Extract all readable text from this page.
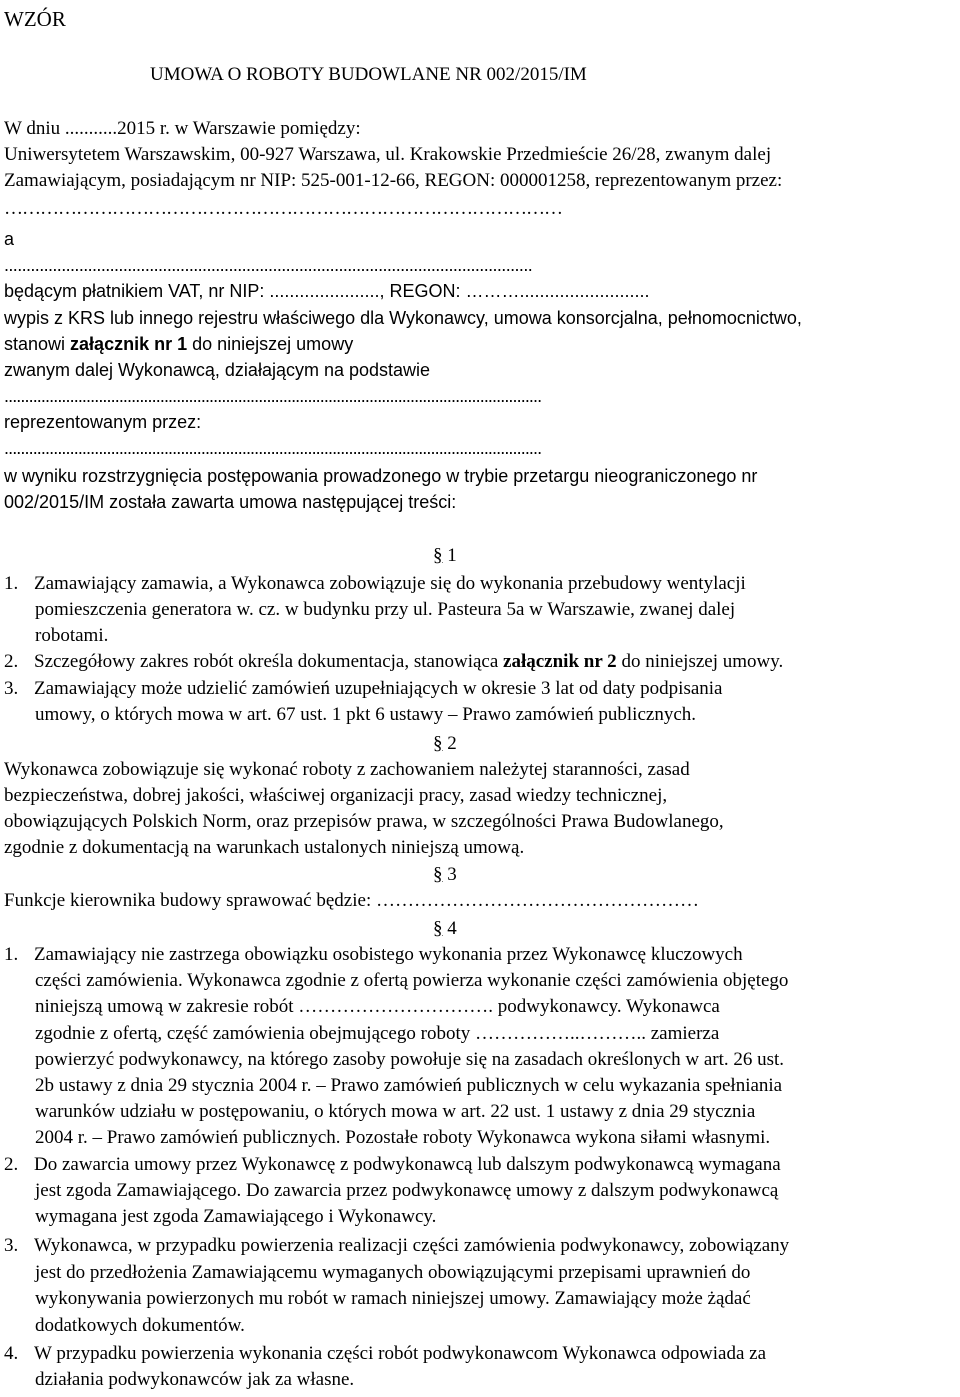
WZÓR
UMOWA O ROBOTY BUDOWLANE NR 002/2015/IM
W dniu ...........2015 r. w Warszawie pomiędzy:
Uniwersytetem Warszawskim, 00-927 Warszawa, ul. Krakowskie Przedmieście 26/28, zwanym dalej
Zamawiającym, posiadającym nr NIP: 525-001-12-66, REGON: 000001258, reprezentowanym przez:
…………………………………………………………………………………
a
........................................................................................................................
będącym płatnikiem VAT, nr NIP: ......................, REGON: ………..........................
wypis z KRS lub innego rejestru właściwego dla Wykonawcy, umowa konsorcjalna, pełnomocnictwo,
stanowi załącznik nr 1 do niniejszej umowy
zwanym dalej Wykonawcą, działającym na podstawie
...................................................................................................................................
reprezentowanym przez:
...................................................................................................................................
w wyniku rozstrzygnięcia postępowania prowadzonego w trybie przetargu nieograniczonego nr
002/2015/IM została zawarta umowa następującej treści:
§ 1
1. Zamawiający zamawia, a Wykonawca zobowiązuje się do wykonania przebudowy wentylacji
pomieszczenia generatora w. cz. w budynku przy ul. Pasteura 5a w Warszawie, zwanej dalej
robotami.
2. Szczegółowy zakres robót określa dokumentacja, stanowiąca załącznik nr 2 do niniejszej umowy.
3. Zamawiający może udzielić zamówień uzupełniających w okresie 3 lat od daty podpisania
umowy, o których mowa w art. 67 ust. 1 pkt 6 ustawy – Prawo zamówień publicznych.
§ 2
Wykonawca zobowiązuje się wykonać roboty z zachowaniem należytej staranności, zasad
bezpieczeństwa, dobrej jakości, właściwej organizacji pracy, zasad wiedzy technicznej,
obowiązujących Polskich Norm, oraz przepisów prawa, w szczególności Prawa Budowlanego,
zgodnie z dokumentacją na warunkach ustalonych niniejszą umową.
§ 3
Funkcje kierownika budowy sprawować będzie: ……………………………………………
§ 4
1. Zamawiający nie zastrzega obowiązku osobistego wykonania przez Wykonawcę kluczowych
części zamówienia. Wykonawca zgodnie z ofertą powierza wykonanie części zamówienia objętego
niniejszą umową w zakresie robót …………………………. podwykonawcy. Wykonawca
zgodnie z ofertą, część zamówienia obejmującego roboty ……………..……….. zamierza
powierzyć podwykonawcy, na którego zasoby powołuje się na zasadach określonych w art. 26 ust.
2b ustawy z dnia 29 stycznia 2004 r. – Prawo zamówień publicznych w celu wykazania spełniania
warunków udziału w postępowaniu, o których mowa w art. 22 ust. 1 ustawy z dnia 29 stycznia
2004 r. – Prawo zamówień publicznych. Pozostałe roboty Wykonawca wykona siłami własnymi.
2. Do zawarcia umowy przez Wykonawcę z podwykonawcą lub dalszym podwykonawcą wymagana
jest zgoda Zamawiającego. Do zawarcia przez podwykonawcę umowy z dalszym podwykonawcą
wymagana jest zgoda Zamawiającego i Wykonawcy.
3. Wykonawca, w przypadku powierzenia realizacji części zamówienia podwykonawcy, zobowiązany
jest do przedłożenia Zamawiającemu wymaganych obowiązującymi przepisami uprawnień do
wykonywania powierzonych mu robót w ramach niniejszej umowy. Zamawiający może żądać
dodatkowych dokumentów.
4. W przypadku powierzenia wykonania części robót podwykonawcom Wykonawca odpowiada za
działania podwykonawców jak za własne.
